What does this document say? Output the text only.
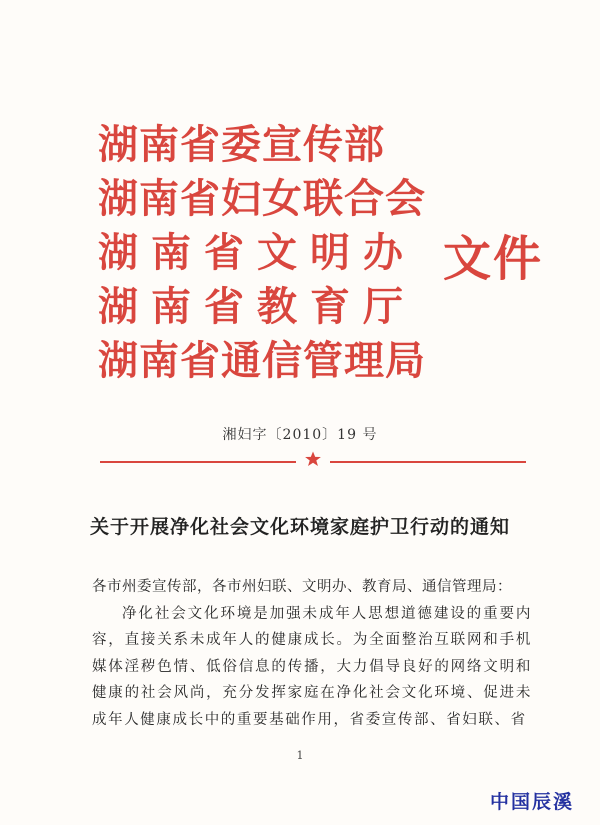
湖南省委宣传部
湖南省妇女联合会
湖南省文明办
湖南省教育厅
湖南省通信管理局
文件
湘妇字〔2010〕19 号
关于开展净化社会文化环境家庭护卫行动的通知

各市州委宣传部，各市州妇联、文明办、教育局、通信管理局：

净化社会文化环境是加强未成年人思想道德建设的重要内容，直接关系未成年人的健康成长。为全面整治互联网和手机媒体淫秽色情、低俗信息的传播，大力倡导良好的网络文明和健康的社会风尚，充分发挥家庭在净化社会文化环境、促进未成年人健康成长中的重要基础作用，省委宣传部、省妇联、省

1
中国辰溪
